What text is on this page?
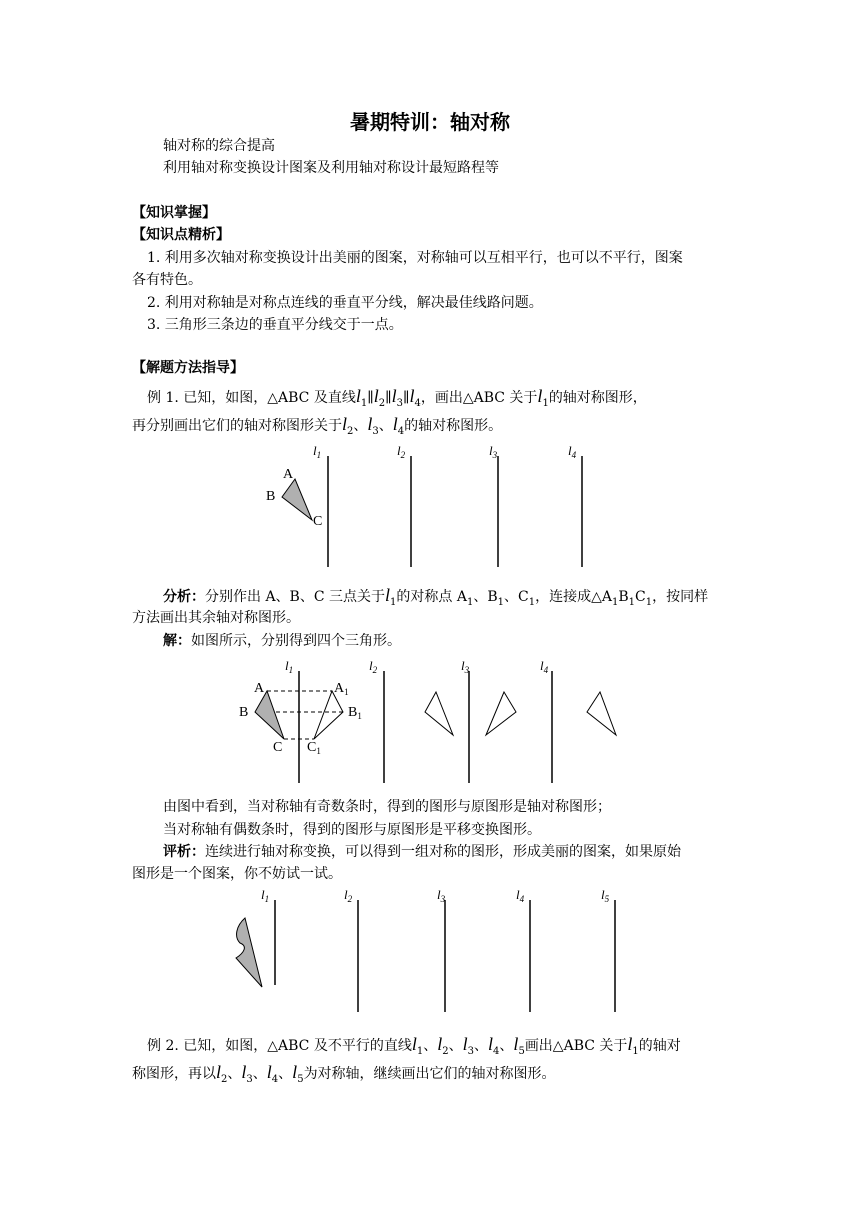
暑期特训：轴对称
轴对称的综合提高
利用轴对称变换设计图案及利用轴对称设计最短路程等
【知识掌握】
【知识点精析】
1. 利用多次轴对称变换设计出美丽的图案，对称轴可以互相平行，也可以不平行，图案
各有特色。
2. 利用对称轴是对称点连线的垂直平分线，解决最佳线路问题。
3. 三角形三条边的垂直平分线交于一点。
【解题方法指导】
例 1. 已知，如图，△ABC 及直线$l_1\parallel l_2\parallel l_3\parallel l_4$，画出△ABC 关于$l_1$的轴对称图形，
再分别画出它们的轴对称图形关于$l_2$、$l_3$、$l_4$的轴对称图形。
分析：分别作出 A、B、C 三点关于$l_1$的对称点 $A_1$、$B_1$、$C_1$，连接成$\triangle A_1B_1C_1$，按同样
方法画出其余轴对称图形。
解：如图所示，分别得到四个三角形。
由图中看到，当对称轴有奇数条时，得到的图形与原图形是轴对称图形；
当对称轴有偶数条时，得到的图形与原图形是平移变换图形。
评析：连续进行轴对称变换，可以得到一组对称的图形，形成美丽的图案，如果原始
图形是一个图案，你不妨试一试。
例 2. 已知，如图，△ABC 及不平行的直线$l_1$、$l_2$、$l_3$、$l_4$、$l_5$画出△ABC 关于$l_1$的轴对
称图形，再以$l_2$、$l_3$、$l_4$、$l_5$为对称轴，继续画出它们的轴对称图形。
$l_1$	$l_2$	$l_3$	$l_4$
A
B
C
$l_1$	$l_2$	$l_3$	$l_4$
A
B
C
$A_1$
$B_1$
$C_1$
$l_1$	$l_2$	$l_3$	$l_4$	$l_5$
